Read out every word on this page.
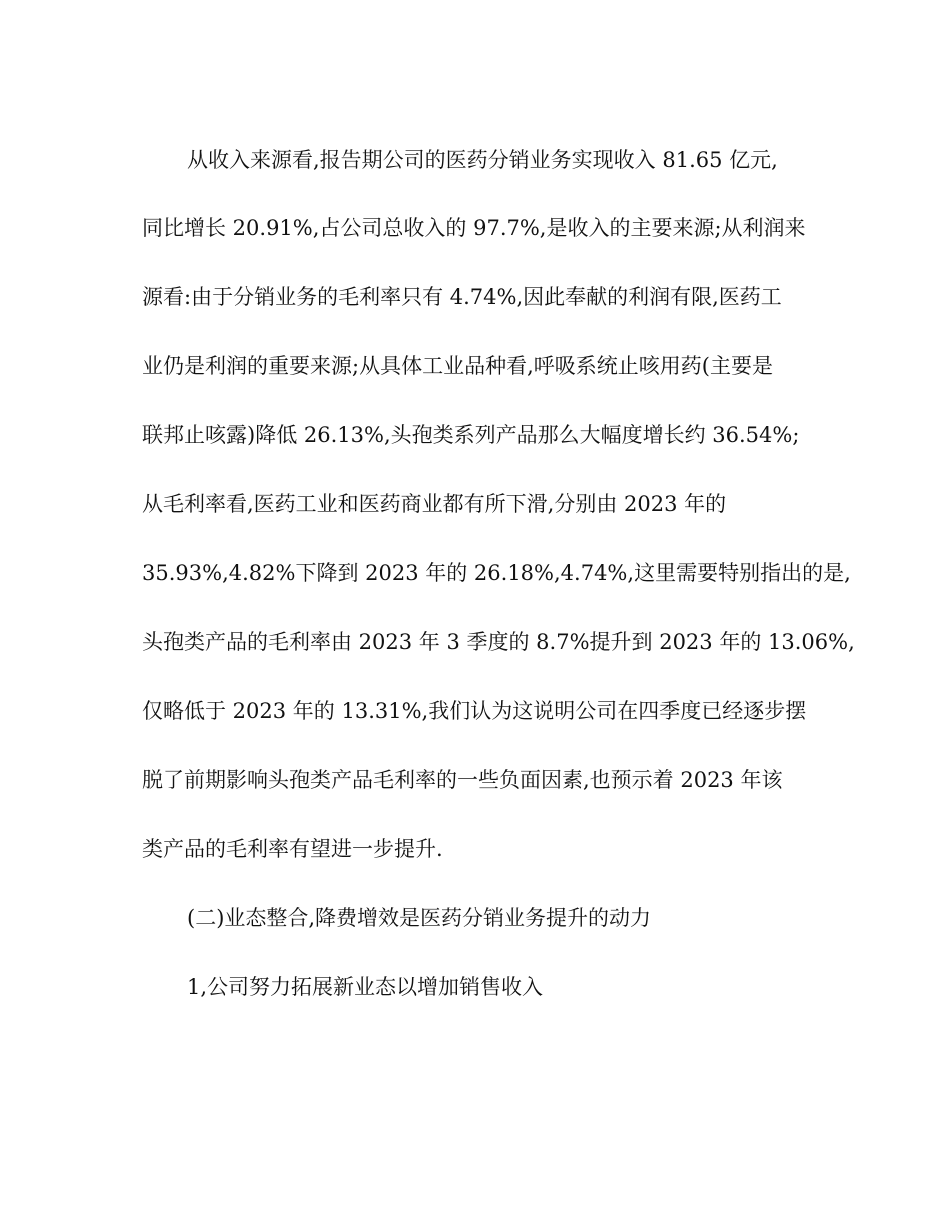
从收入来源看,报告期公司的医药分销业务实现收入 81.65 亿元,
同比增长 20.91%,占公司总收入的 97.7%,是收入的主要来源;从利润来
源看:由于分销业务的毛利率只有 4.74%,因此奉献的利润有限,医药工
业仍是利润的重要来源;从具体工业品种看,呼吸系统止咳用药(主要是
联邦止咳露)降低 26.13%,头孢类系列产品那么大幅度增长约 36.54%;
从毛利率看,医药工业和医药商业都有所下滑,分别由 2023 年的
35.93%,4.82%下降到 2023 年的 26.18%,4.74%,这里需要特别指出的是,
头孢类产品的毛利率由 2023 年 3 季度的 8.7%提升到 2023 年的 13.06%,
仅略低于 2023 年的 13.31%,我们认为这说明公司在四季度已经逐步摆
脱了前期影响头孢类产品毛利率的一些负面因素,也预示着 2023 年该
类产品的毛利率有望进一步提升.
(二)业态整合,降费增效是医药分销业务提升的动力
1,公司努力拓展新业态以增加销售收入
